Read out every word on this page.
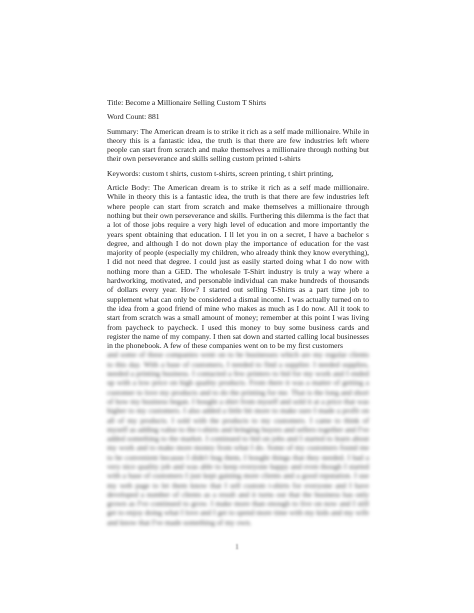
Title: Become a Millionaire Selling Custom T Shirts

Word Count: 881

Summary: The American dream is to strike it rich as a self made millionaire. While in theory this is a fantastic idea, the truth is that there are few industries left where people can start from scratch and make themselves a millionaire through nothing but their own perseverance and skills selling custom printed t-shirts

Keywords: custom t shirts, custom t-shirts, screen printing, t shirt printing,

Article Body: The American dream is to strike it rich as a self made millionaire. While in theory this is a fantastic idea, the truth is that there are few industries left where people can start from scratch and make themselves a millionaire through nothing but their own perseverance and skills. Furthering this dilemma is the fact that a lot of those jobs require a very high level of education and more importantly the years spent obtaining that education. I ll let you in on a secret, I have a bachelor s degree, and although I do not down play the importance of education for the vast majority of people (especially my children, who already think they know everything), I did not need that degree. I could just as easily started doing what I do now with nothing more than a GED. The wholesale T-Shirt industry is truly a way where a hardworking, motivated, and personable individual can make hundreds of thousands of dollars every year. How? I started out selling T-Shirts as a part time job to supplement what can only be considered a dismal income. I was actually turned on to the idea from a good friend of mine who makes as much as I do now. All it took to start from scratch was a small amount of money; remember at this point I was living from paycheck to paycheck. I used this money to buy some business cards and register the name of my company. I then sat down and started calling local businesses in the phonebook. A few of these companies went on to be my first customers

and some of these companies went on to be businesses which are my regular clients to this day. With a base of customers, I needed to find a supplier. I needed supplies, needed a printing business. I contacted a few printers to bid for my work and I ended up with a low price on high quality products. From there it was a matter of getting a customer to love my products and to do the printing for me. That is the long and short of how my business began. I bought a shirt from myself and sold it at a price that was higher to my customers. I also added a little bit more to make sure I made a profit on all of my products. I sold with the products to my customers. I came to think of myself as adding value to the t-shirts and bringing buyers and sellers together and I've added something to the market. I continued to bid on jobs and I started to learn about my work and to make more money from what I do. Some of my customers found me to be convenient because I didn't bug them, I bought things that they needed. I had a very nice quality job and was able to keep everyone happy and even though I started with a base of customers I just kept gaining more clients and a good reputation. I use my web page to let them know that I sell custom t-shirts for everyone and I have developed a number of clients as a result and it turns out that the business has only grown as I've continued to grow. I make more than enough to live on now and I still get to enjoy doing what I love and I get to spend more time with my kids and my wife and know that I've made something of my own.

1
